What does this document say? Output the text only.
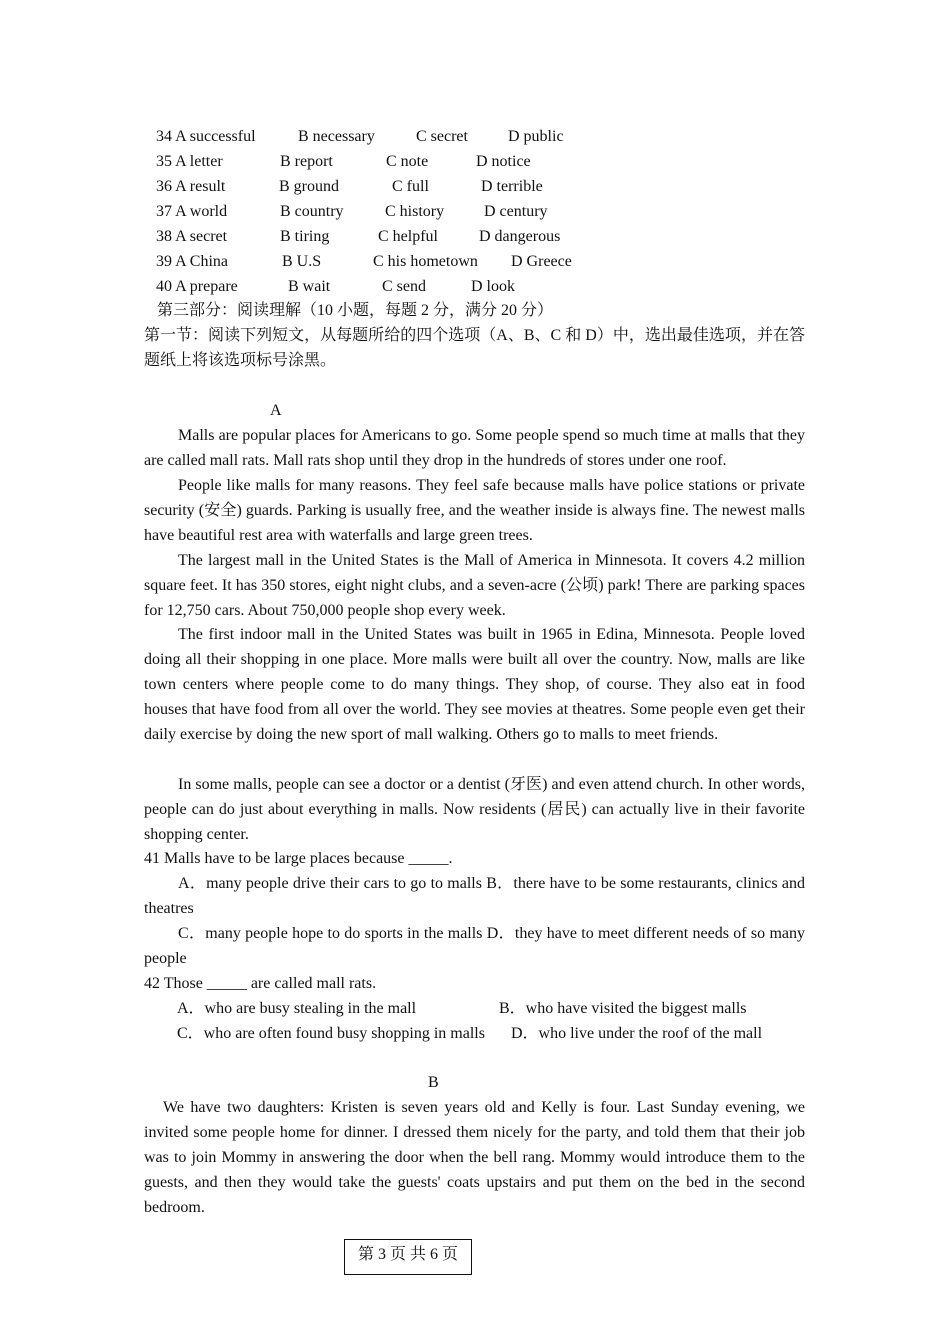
34 A successful	B necessary	C secret	D public
35 A letter	B report	C note	D notice
36 A result	B ground	C full	D terrible
37 A world	B country	C history D century
38 A secret	B tiring	C helpful	D dangerous
39 A China	B U.S	C his hometown D Greece
40 A prepare	B wait	C send	D look
第三部分：阅读理解（10 小题，每题 2 分，满分 20 分）

第一节：阅读下列短文，从每题所给的四个选项（A、B、C 和 D）中，选出最佳选项，并在答题纸上将该选项标号涂黑。

A

Malls are popular places for Americans to go. Some people spend so much time at malls that they are called mall rats. Mall rats shop until they drop in the hundreds of stores under one roof.

People like malls for many reasons. They feel safe because malls have police stations or private security (安全) guards. Parking is usually free, and the weather inside is always fine. The newest malls have beautiful rest area with waterfalls and large green trees.

The largest mall in the United States is the Mall of America in Minnesota. It covers 4.2 million square feet. It has 350 stores, eight night clubs, and a seven-acre (公顷) park! There are parking spaces for 12,750 cars. About 750,000 people shop every week.

The first indoor mall in the United States was built in 1965 in Edina, Minnesota. People loved doing all their shopping in one place. More malls were built all over the country. Now, malls are like town centers where people come to do many things. They shop, of course. They also eat in food houses that have food from all over the world. They see movies at theatres. Some people even get their daily exercise by doing the new sport of mall walking. Others go to malls to meet friends.

In some malls, people can see a doctor or a dentist (牙医) and even attend church. In other words, people can do just about everything in malls. Now residents (居民) can actually live in their favorite shopping center.

41 Malls have to be large places because _____.

A．many people drive their cars to go to malls B．there have to be some restaurants, clinics and theatres

C．many people hope to do sports in the malls D．they have to meet different needs of so many people

42 Those _____ are called mall rats.
A．who are busy stealing in the mall	B．who have visited the biggest malls
C．who are often found busy shopping in malls D．who live under the roof of the mall
B

We have two daughters: Kristen is seven years old and Kelly is four. Last Sunday evening, we invited some people home for dinner. I dressed them nicely for the party, and told them that their job was to join Mommy in answering the door when the bell rang. Mommy would introduce them to the guests, and then they would take the guests' coats upstairs and put them on the bed in the second bedroom.

第 3 页 共 6 页
